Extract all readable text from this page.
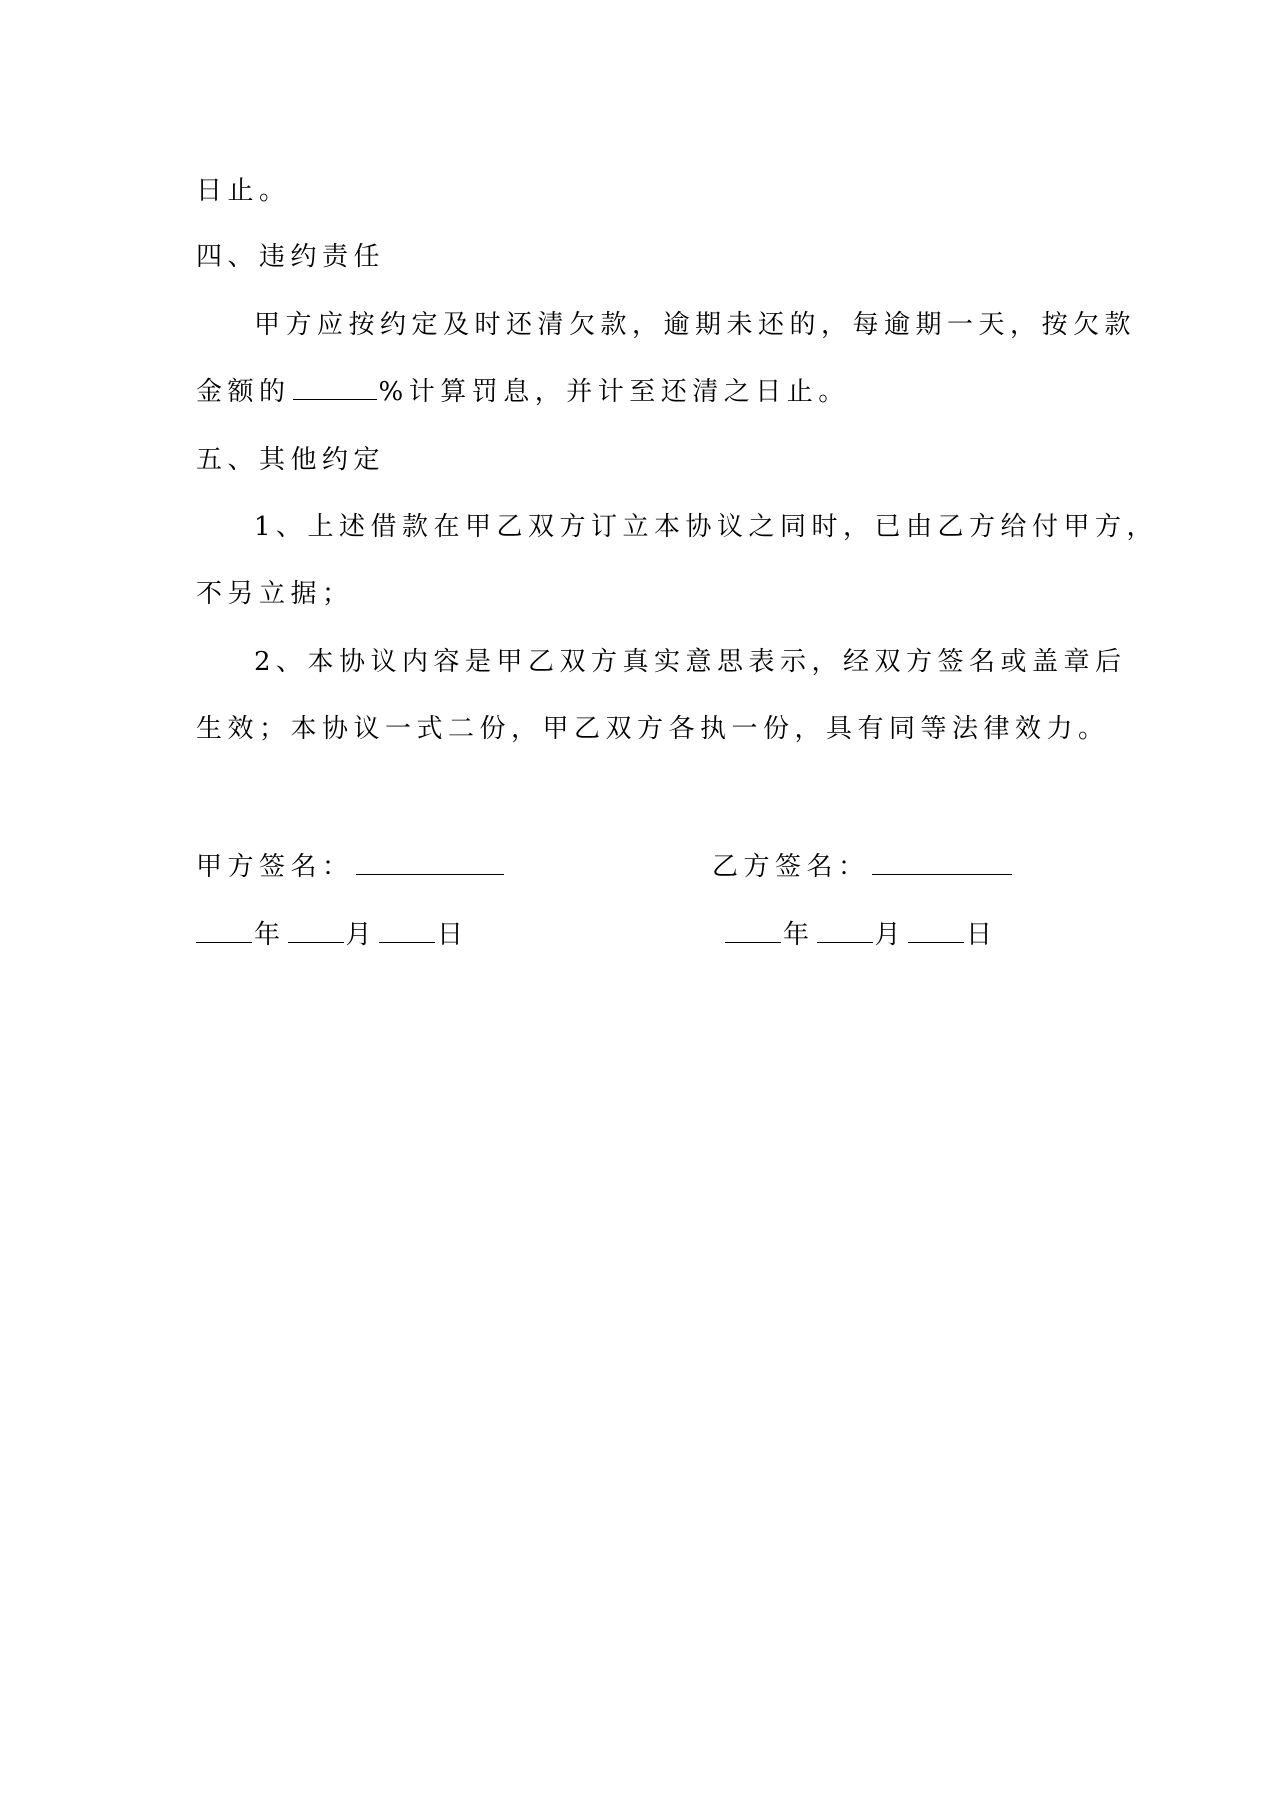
日止。
四、违约责任
甲方应按约定及时还清欠款，逾期未还的，每逾期一天，按欠款
金额的	%计算罚息，并计至还清之日止。
五、其他约定
1、上述借款在甲乙双方订立本协议之同时，已由乙方给付甲方，
不另立据；
2、本协议内容是甲乙双方真实意思表示，经双方签名或盖章后
生效；本协议一式二份，甲乙双方各执一份，具有同等法律效力。
甲方签名：	乙方签名：
年 月 日	年 月 日
